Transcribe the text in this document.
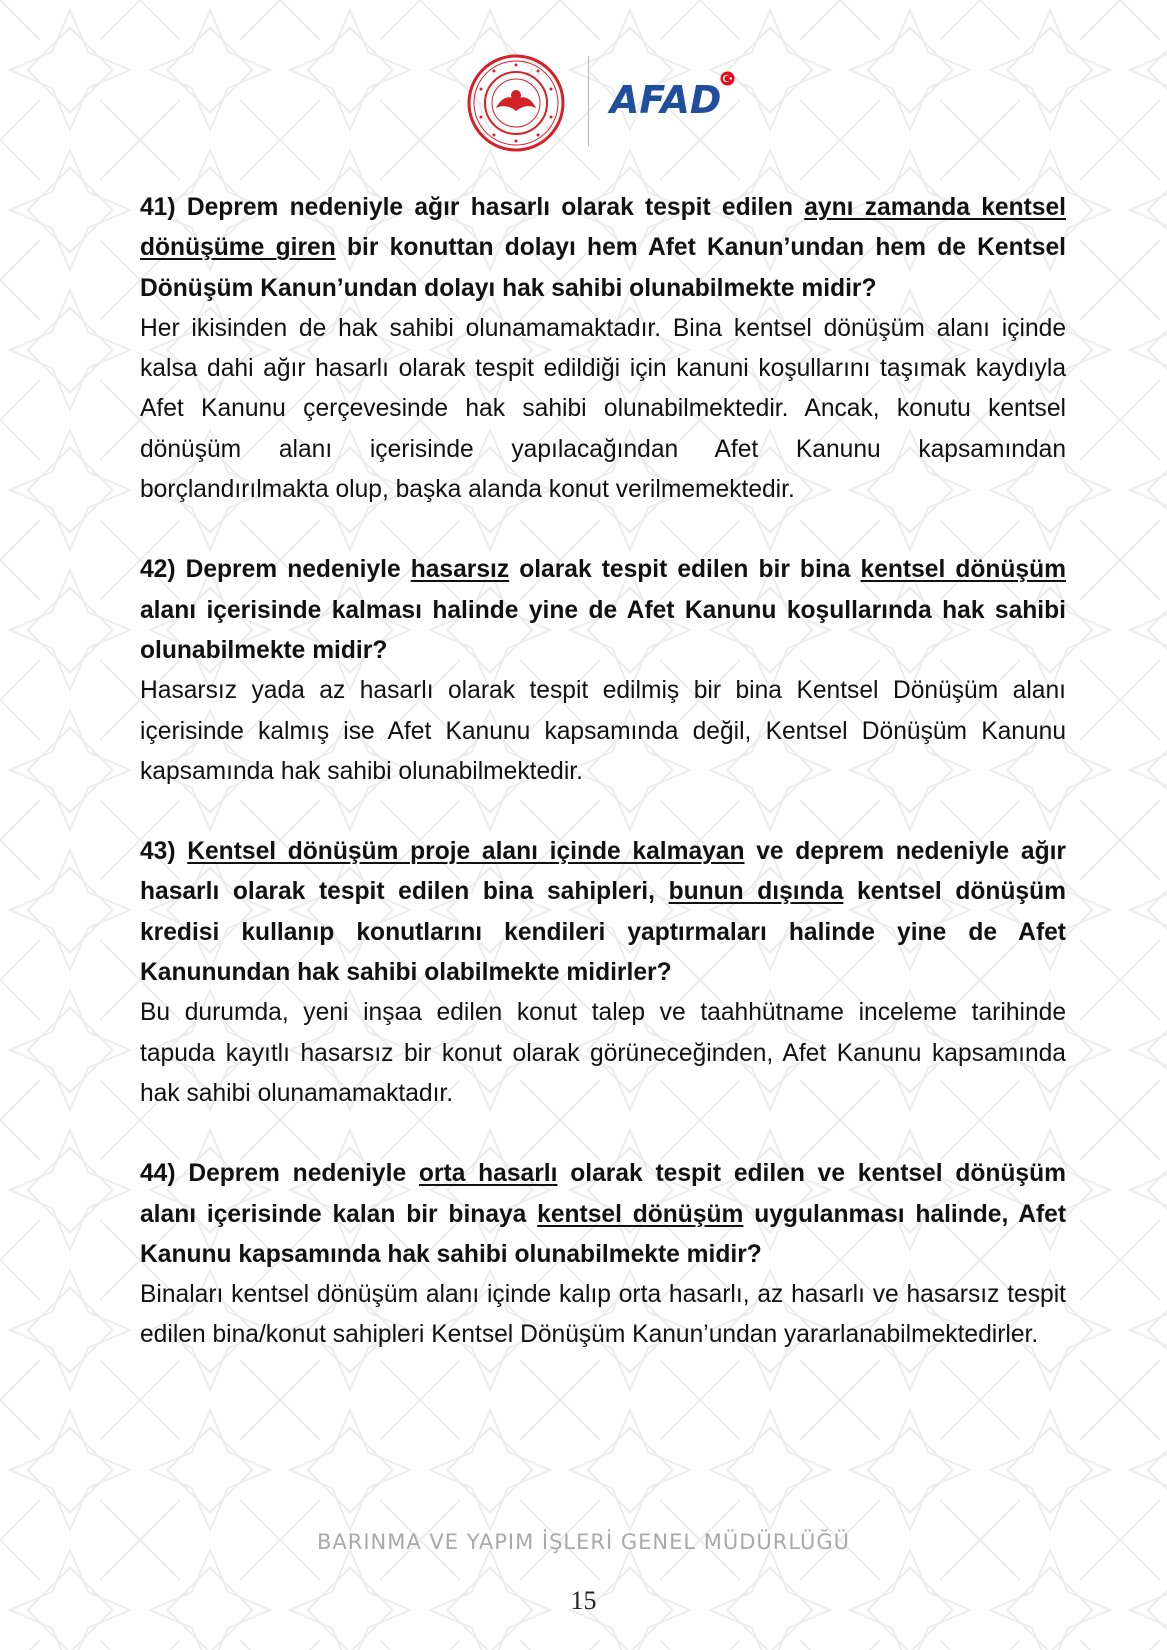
AFAD

41) Deprem nedeniyle ağır hasarlı olarak tespit edilen aynı zamanda kentsel dönüşüme giren bir konuttan dolayı hem Afet Kanun’undan hem de Kentsel Dönüşüm Kanun’undan dolayı hak sahibi olunabilmekte midir?

Her ikisinden de hak sahibi olunamamaktadır. Bina kentsel dönüşüm alanı içinde kalsa dahi ağır hasarlı olarak tespit edildiği için kanuni koşullarını taşımak kaydıyla Afet Kanunu çerçevesinde hak sahibi olunabilmektedir. Ancak, konutu kentsel dönüşüm alanı içerisinde yapılacağından Afet Kanunu kapsamından borçlandırılmakta olup, başka alanda konut verilmemektedir.

42) Deprem nedeniyle hasarsız olarak tespit edilen bir bina kentsel dönüşüm alanı içerisinde kalması halinde yine de Afet Kanunu koşullarında hak sahibi olunabilmekte midir?

Hasarsız yada az hasarlı olarak tespit edilmiş bir bina Kentsel Dönüşüm alanı içerisinde kalmış ise Afet Kanunu kapsamında değil, Kentsel Dönüşüm Kanunu kapsamında hak sahibi olunabilmektedir.

43) Kentsel dönüşüm proje alanı içinde kalmayan ve deprem nedeniyle ağır hasarlı olarak tespit edilen bina sahipleri, bunun dışında kentsel dönüşüm kredisi kullanıp konutlarını kendileri yaptırmaları halinde yine de Afet Kanunundan hak sahibi olabilmekte midirler?

Bu durumda, yeni inşaa edilen konut talep ve taahhütname inceleme tarihinde tapuda kayıtlı hasarsız bir konut olarak görüneceğinden, Afet Kanunu kapsamında hak sahibi olunamamaktadır.

44) Deprem nedeniyle orta hasarlı olarak tespit edilen ve kentsel dönüşüm alanı içerisinde kalan bir binaya kentsel dönüşüm uygulanması halinde, Afet Kanunu kapsamında hak sahibi olunabilmekte midir?

Binaları kentsel dönüşüm alanı içinde kalıp orta hasarlı, az hasarlı ve hasarsız tespit edilen bina/konut sahipleri Kentsel Dönüşüm Kanun’undan yararlanabilmektedirler.

BARINMA VE YAPIM İŞLERİ GENEL MÜDÜRLÜĞÜ
15
